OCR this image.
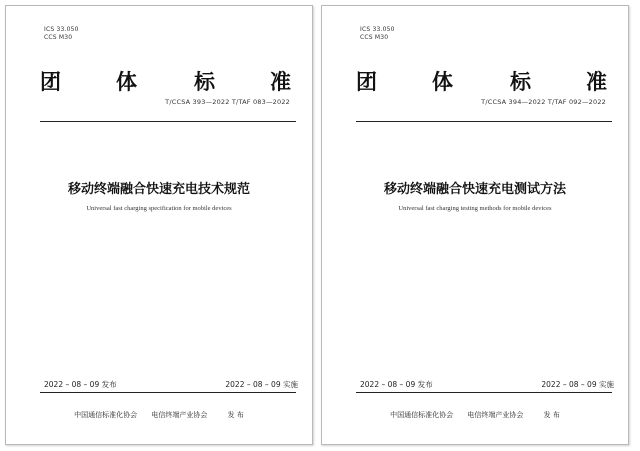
ICS 33.050
CCS M30
团	体	标	准
T/CCSA 393—2022 T/TAF 083—2022
移动终端融合快速充电技术规范
Universal fast charging specification for mobile devices
2022 – 08 – 09 发布	2022 – 08 – 09 实施
中国通信标准化协会 电信终端产业协会	发 布
ICS 33.050
CCS M30
团	体	标	准
T/CCSA 394—2022 T/TAF 092—2022
移动终端融合快速充电测试方法
Universal fast charging testing methods for mobile devices
2022 – 08 – 09 发布	2022 – 08 – 09 实施
中国通信标准化协会 电信终端产业协会	发 布
